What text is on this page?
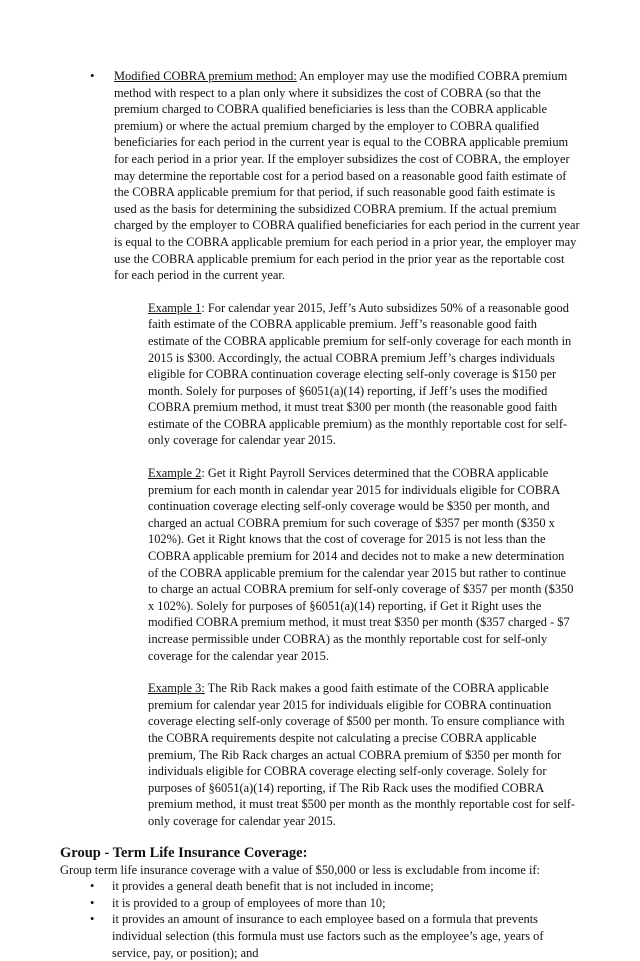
• Modified COBRA premium method: An employer may use the modified COBRA premium method with respect to a plan only where it subsidizes the cost of COBRA (so that the premium charged to COBRA qualified beneficiaries is less than the COBRA applicable premium) or where the actual premium charged by the employer to COBRA qualified beneficiaries for each period in the current year is equal to the COBRA applicable premium for each period in a prior year. If the employer subsidizes the cost of COBRA, the employer may determine the reportable cost for a period based on a reasonable good faith estimate of the COBRA applicable premium for that period, if such reasonable good faith estimate is used as the basis for determining the subsidized COBRA premium. If the actual premium charged by the employer to COBRA qualified beneficiaries for each period in the current year is equal to the COBRA applicable premium for each period in a prior year, the employer may use the COBRA applicable premium for each period in the prior year as the reportable cost for each period in the current year.

Example 1: For calendar year 2015, Jeff’s Auto subsidizes 50% of a reasonable good faith estimate of the COBRA applicable premium. Jeff’s reasonable good faith estimate of the COBRA applicable premium for self-only coverage for each month in 2015 is $300. Accordingly, the actual COBRA premium Jeff’s charges individuals eligible for COBRA continuation coverage electing self-only coverage is $150 per month. Solely for purposes of §6051(a)(14) reporting, if Jeff’s uses the modified COBRA premium method, it must treat $300 per month (the reasonable good faith estimate of the COBRA applicable premium) as the monthly reportable cost for self-only coverage for calendar year 2015.
Example 2: Get it Right Payroll Services determined that the COBRA applicable premium for each month in calendar year 2015 for individuals eligible for COBRA continuation coverage electing self-only coverage would be $350 per month, and charged an actual COBRA premium for such coverage of $357 per month ($350 x 102%). Get it Right knows that the cost of coverage for 2015 is not less than the COBRA applicable premium for 2014 and decides not to make a new determination of the COBRA applicable premium for the calendar year 2015 but rather to continue to charge an actual COBRA premium for self-only coverage of $357 per month ($350 x 102%). Solely for purposes of §6051(a)(14) reporting, if Get it Right uses the modified COBRA premium method, it must treat $350 per month ($357 charged - $7 increase permissible under COBRA) as the monthly reportable cost for self-only coverage for the calendar year 2015.
Example 3: The Rib Rack makes a good faith estimate of the COBRA applicable premium for calendar year 2015 for individuals eligible for COBRA continuation coverage electing self-only coverage of $500 per month. To ensure compliance with the COBRA requirements despite not calculating a precise COBRA applicable premium, The Rib Rack charges an actual COBRA premium of $350 per month for individuals eligible for COBRA coverage electing self-only coverage. Solely for purposes of §6051(a)(14) reporting, if The Rib Rack uses the modified COBRA premium method, it must treat $500 per month as the monthly reportable cost for self-only coverage for calendar year 2015.
Group - Term Life Insurance Coverage:

Group term life insurance coverage with a value of $50,000 or less is excludable from income if:

• it provides a general death benefit that is not included in income;
• it is provided to a group of employees of more than 10;
• it provides an amount of insurance to each employee based on a formula that prevents individual selection (this formula must use factors such as the employee’s age, years of service, pay, or position); and
